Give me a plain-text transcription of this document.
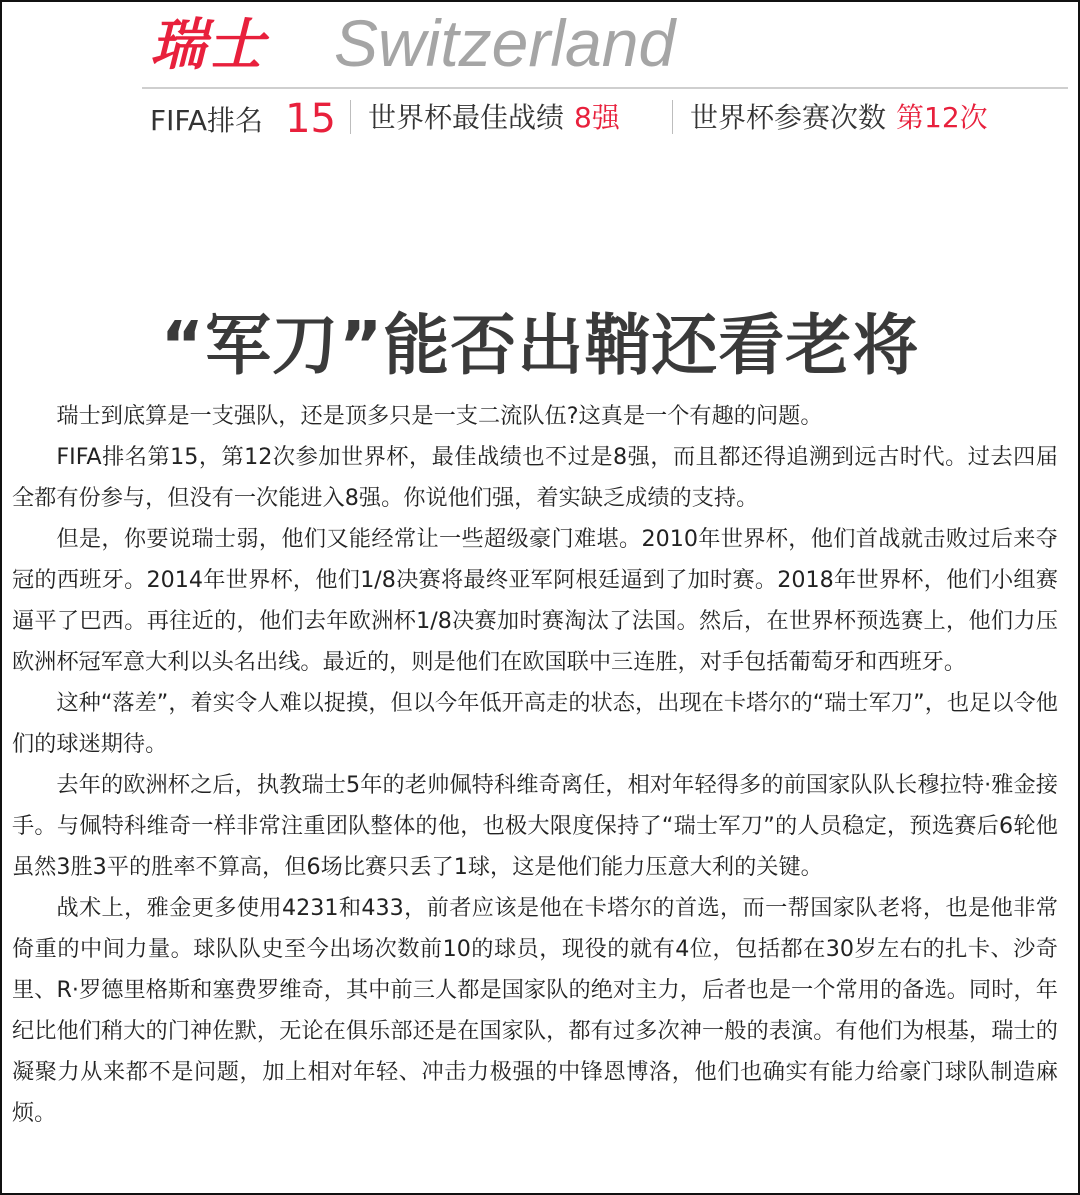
瑞士 Switzerland
FIFA排名 15 世界杯最佳战绩 8强	世界杯参赛次数 第12次
“军刀”能否出鞘还看老将

瑞士到底算是一支强队，还是顶多只是一支二流队伍?这真是一个有趣的问题。

FIFA排名第15，第12次参加世界杯，最佳战绩也不过是8强，而且都还得追溯到远古时代。过去四届全都有份参与，但没有一次能进入8强。你说他们强，着实缺乏成绩的支持。

但是，你要说瑞士弱，他们又能经常让一些超级豪门难堪。2010年世界杯，他们首战就击败过后来夺冠的西班牙。2014年世界杯，他们1/8决赛将最终亚军阿根廷逼到了加时赛。2018年世界杯，他们小组赛逼平了巴西。再往近的，他们去年欧洲杯1/8决赛加时赛淘汰了法国。然后，在世界杯预选赛上，他们力压欧洲杯冠军意大利以头名出线。最近的，则是他们在欧国联中三连胜，对手包括葡萄牙和西班牙。

这种“落差”，着实令人难以捉摸，但以今年低开高走的状态，出现在卡塔尔的“瑞士军刀”，也足以令他们的球迷期待。

去年的欧洲杯之后，执教瑞士5年的老帅佩特科维奇离任，相对年轻得多的前国家队队长穆拉特·雅金接手。与佩特科维奇一样非常注重团队整体的他，也极大限度保持了“瑞士军刀”的人员稳定，预选赛后6轮他虽然3胜3平的胜率不算高，但6场比赛只丢了1球，这是他们能力压意大利的关键。

战术上，雅金更多使用4231和433，前者应该是他在卡塔尔的首选，而一帮国家队老将，也是他非常倚重的中间力量。球队队史至今出场次数前10的球员，现役的就有4位，包括都在30岁左右的扎卡、沙奇里、R·罗德里格斯和塞费罗维奇，其中前三人都是国家队的绝对主力，后者也是一个常用的备选。同时，年纪比他们稍大的门神佐默，无论在俱乐部还是在国家队，都有过多次神一般的表演。有他们为根基，瑞士的凝聚力从来都不是问题，加上相对年轻、冲击力极强的中锋恩博洛，他们也确实有能力给豪门球队制造麻烦。
